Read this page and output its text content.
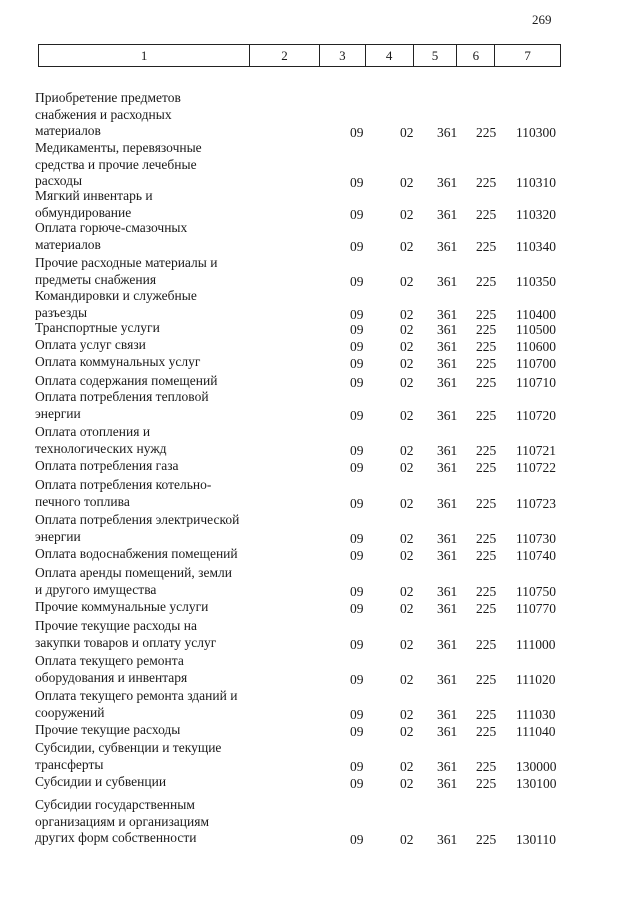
269
1	2	3	4	5	6	7
Приобретение предметов
снабжения и расходных
материалов	09	02 361 225 110300
Медикаменты, перевязочные
средства и прочие лечебные
расходы	09	02 361 225 110310
Мягкий инвентарь и
обмундирование	09	02 361 225 110320
Оплата горюче-смазочных
материалов	09	02 361 225 110340
Прочие расходные материалы и
предметы снабжения	09	02 361 225 110350
Командировки и служебные
разъезды	09	02 361 225 110400
Транспортные услуги	09	02 361 225 110500
Оплата услуг связи	09	02 361 225 110600
Оплата коммунальных услуг	09	02 361 225 110700
Оплата содержания помещений	09	02 361 225 110710
Оплата потребления тепловой
энергии	09	02 361 225 110720
Оплата отопления и
технологических нужд	09	02 361 225 110721
Оплата потребления газа	09	02 361 225 110722
Оплата потребления котельно-
печного топлива	09	02 361 225 110723
Оплата потребления электрической
энергии	09	02 361 225 110730
Оплата водоснабжения помещений	09	02 361 225 110740
Оплата аренды помещений, земли
и другого имущества	09	02 361 225 110750
Прочие коммунальные услуги	09	02 361 225 110770
Прочие текущие расходы на
закупки товаров и оплату услуг	09	02 361 225 111000
Оплата текущего ремонта
оборудования и инвентаря	09	02 361 225 111020
Оплата текущего ремонта зданий и
сооружений	09	02 361 225 111030
Прочие текущие расходы	09	02 361 225 111040
Субсидии, субвенции и текущие
трансферты	09	02 361 225 130000
Субсидии и субвенции	09	02 361 225 130100
Субсидии государственным
организациям и организациям
других форм собственности	09	02 361 225 130110
